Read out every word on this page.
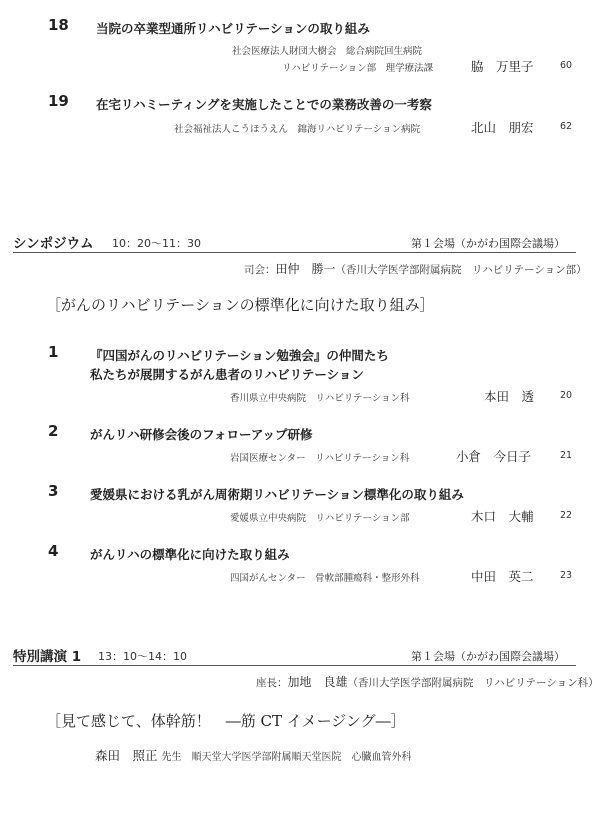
18 当院の卒業型通所リハビリテーションの取り組み
社会医療法人財団大樹会　総合病院回生病院
リハビリテーション部　理学療法課	脇　万里子	60
19 在宅リハミーティングを実施したことでの業務改善の一考察
社会福祉法人こうほうえん　錦海リハビリテーション病院	北山　朋宏	62
シンポジウム 10：20～11：30	第１会場（かがわ国際会議場）
司会：田仲　勝一（香川大学医学部附属病院　リハビリテーション部）
［がんのリハビリテーションの標準化に向けた取り組み］
1	『四国がんのリハビリテーション勉強会』の仲間たち
私たちが展開するがん患者のリハビリテーション
香川県立中央病院　リハビリテーション科	本田　透	20
2	がんリハ研修会後のフォローアップ研修
岩国医療センター　リハビリテーション科	小倉　今日子	21
3	愛媛県における乳がん周術期リハビリテーション標準化の取り組み
愛媛県立中央病院　リハビリテーション部	木口　大輔	22
4	がんリハの標準化に向けた取り組み
四国がんセンター　骨軟部腫瘍科・整形外科	中田　英二	23
特別講演 1 13：10～14：10	第１会場（かがわ国際会議場）
座長：加地　良雄（香川大学医学部附属病院　リハビリテーション科）
［見て感じて、体幹筋！　―筋 CT イメージング―］
森田　照正 先生 順天堂大学医学部附属順天堂医院　心臓血管外科
